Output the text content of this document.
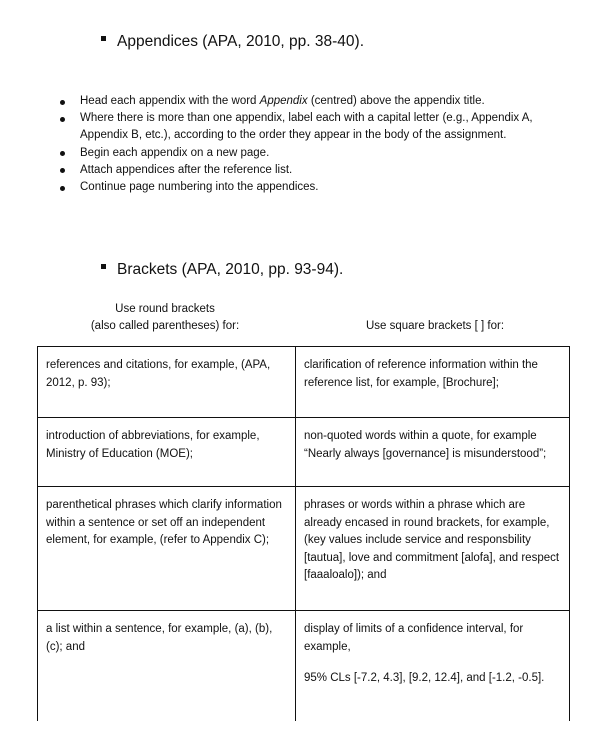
Appendices (APA, 2010, pp. 38-40).
Head each appendix with the word Appendix (centred) above the appendix title.
Where there is more than one appendix, label each with a capital letter (e.g., Appendix A,
Appendix B, etc.), according to the order they appear in the body of the assignment.
Begin each appendix on a new page.
Attach appendices after the reference list.
Continue page numbering into the appendices.
Brackets (APA, 2010, pp. 93-94).
Use round brackets
(also called parentheses) for:	Use square brackets [ ] for:
references and citations, for example, (APA, 2012, p. 93);	clarification of reference information within the reference list, for example, [Brochure];
introduction of abbreviations, for example, Ministry of Education (MOE);	non-quoted words within a quote, for example “Nearly always [governance] is misunderstood”;
parenthetical phrases which clarify information within a sentence or set off an independent element, for example, (refer to Appendix C);	phrases or words within a phrase which are already encased in round brackets, for example, (key values include service and responsbility [tautua], love and commitment [alofa], and respect [faaaloalo]); and
a list within a sentence, for example, (a), (b), (c); and	display of limits of a confidence interval, for example,
95% CLs [-7.2, 4.3], [9.2, 12.4], and [-1.2, -0.5].
